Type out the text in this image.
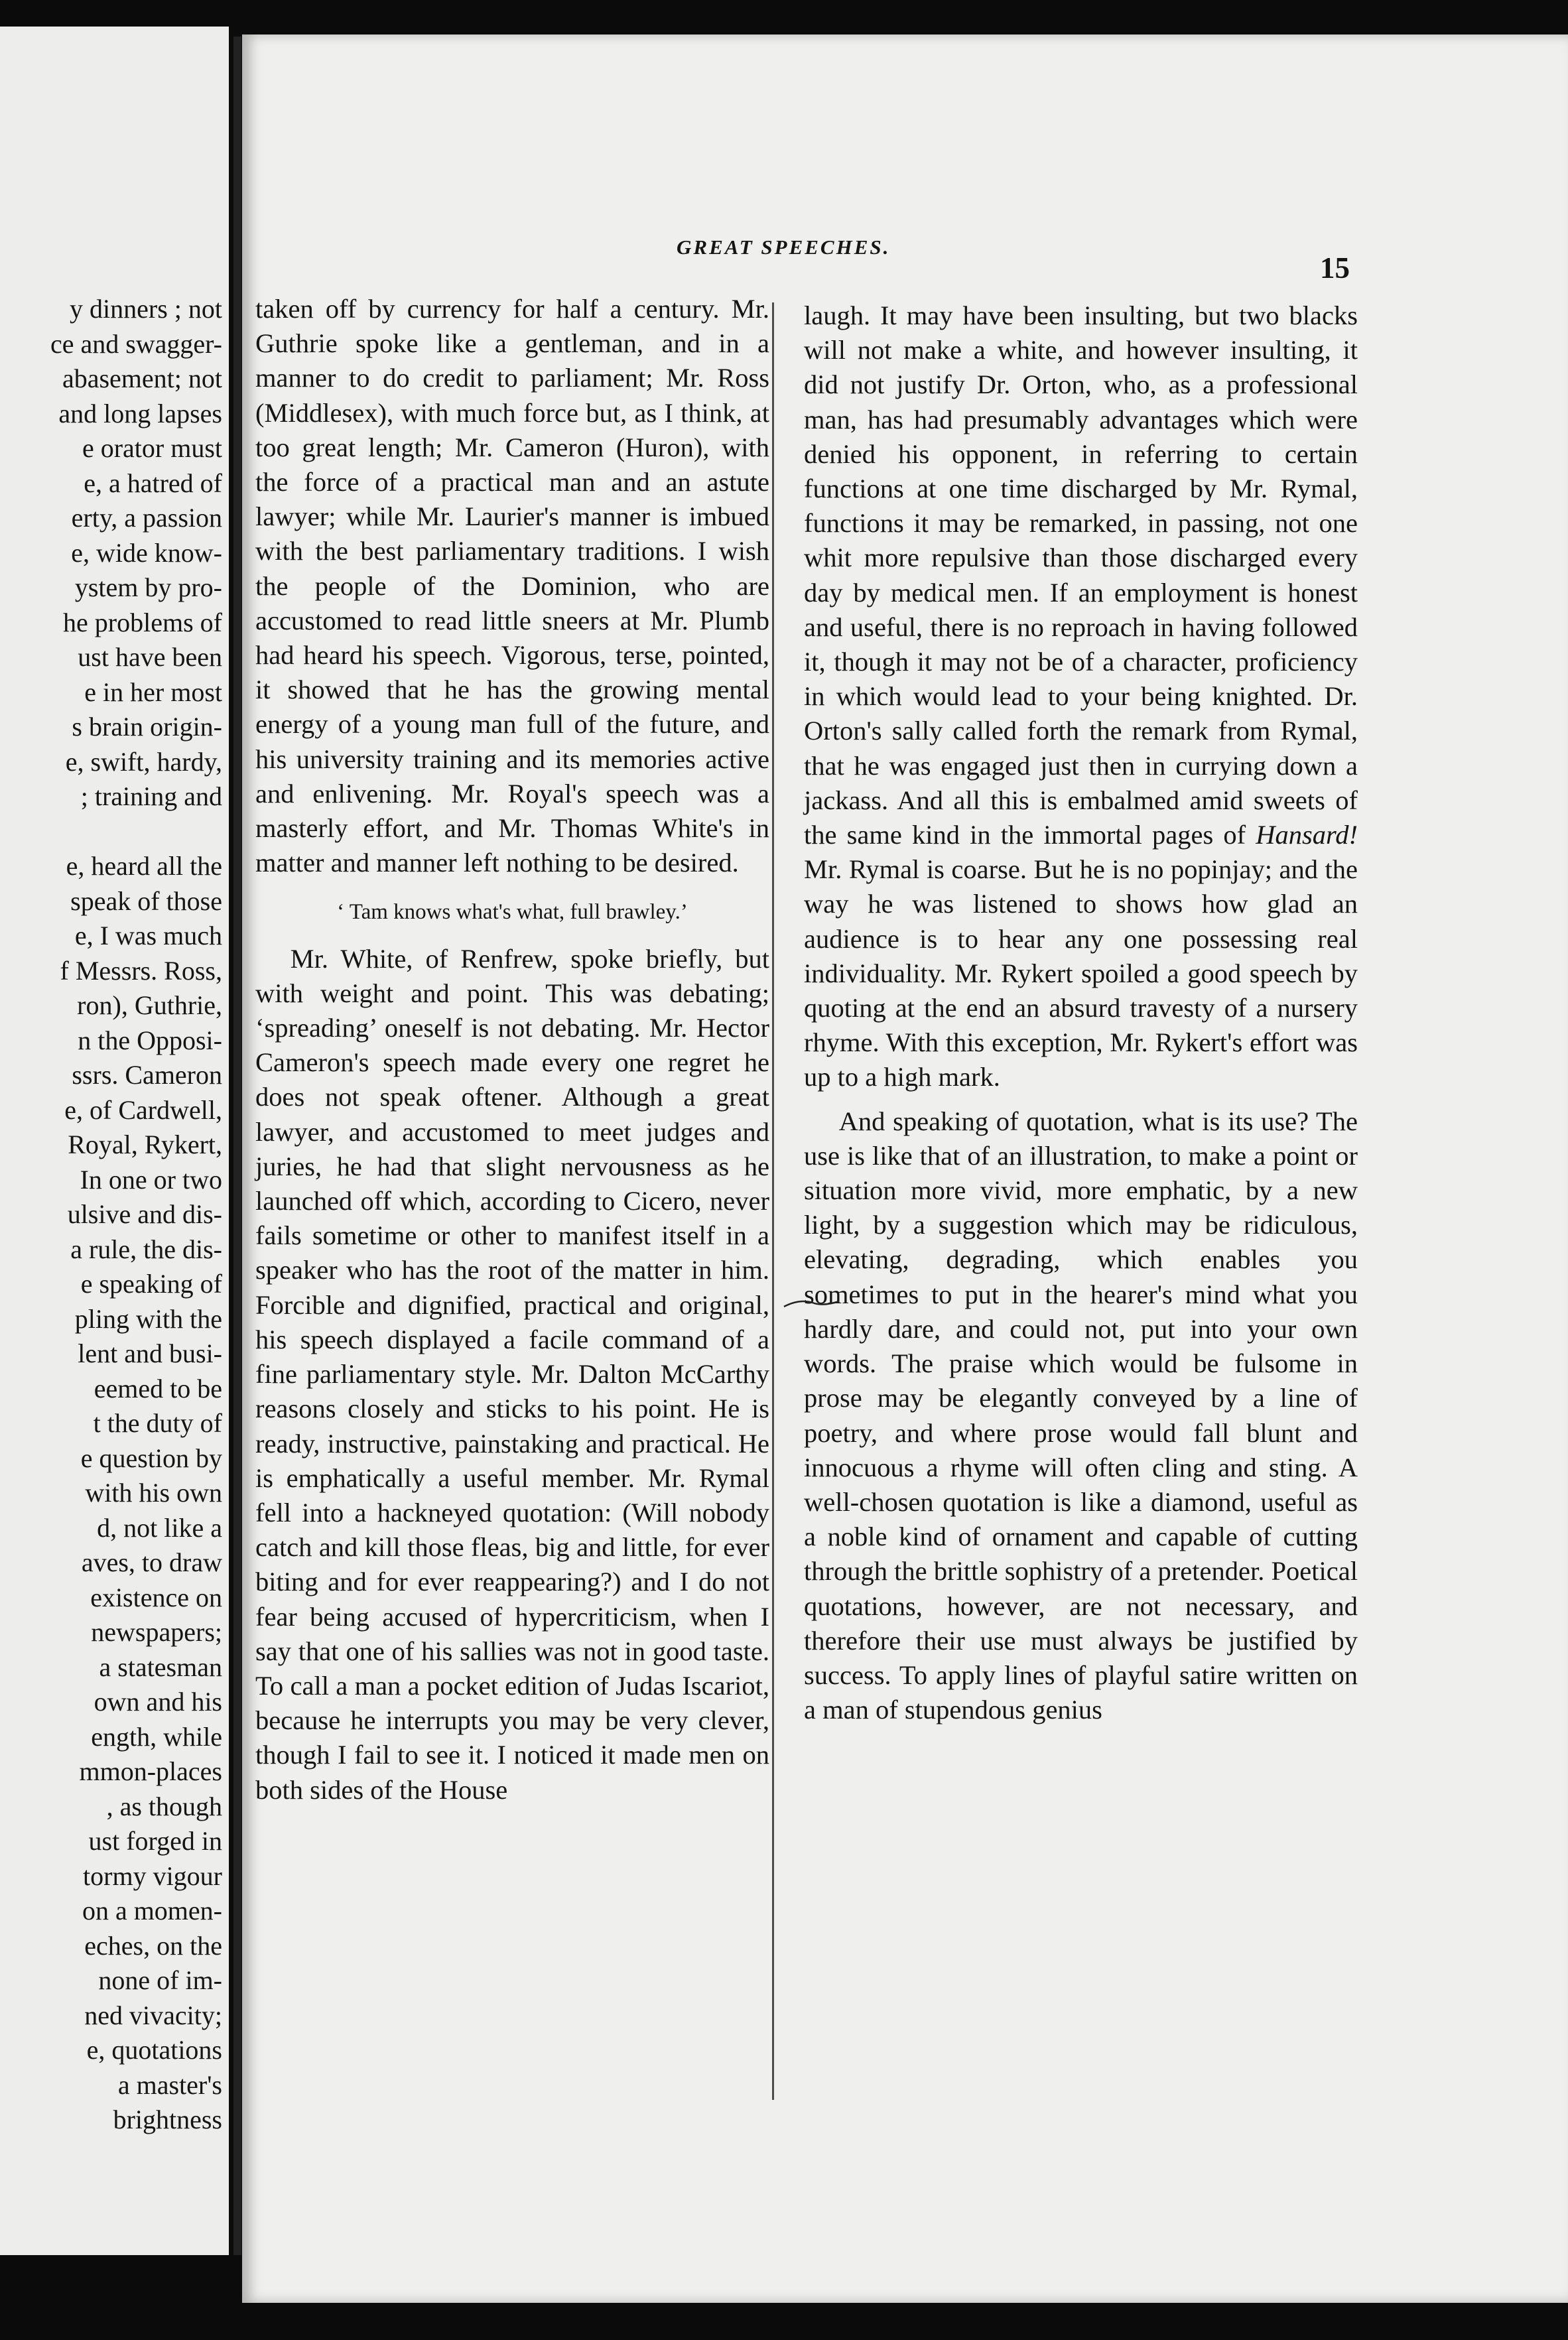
y dinners ; not
ce and swagger-
abasement; not
and long lapses
e orator must
e, a hatred of
erty, a passion
e, wide know-
ystem by pro-
he problems of
ust have been
e in her most
s brain origin-
e, swift, hardy,
; training and
e, heard all the
speak of those
e, I was much
f Messrs. Ross,
ron), Guthrie,
n the Opposi-
ssrs. Cameron
e, of Cardwell,
Royal, Rykert,
In one or two
ulsive and dis-
a rule, the dis-
e speaking of
pling with the
lent and busi-
eemed to be
t the duty of
e question by
with his own
d, not like a
aves, to draw
existence on
newspapers;
a statesman
own and his
ength, while
mmon-places
, as though
ust forged in
tormy vigour
on a momen-
eches, on the
none of im-
ned vivacity;
e, quotations
a master's
brightness
GREAT SPEECHES.
15

taken off by currency for half a century. Mr. Guthrie spoke like a gentleman, and in a manner to do credit to parliament; Mr. Ross (Middlesex), with much force but, as I think, at too great length; Mr. Cameron (Huron), with the force of a practical man and an astute lawyer; while Mr. Laurier's manner is imbued with the best parliamentary traditions. I wish the people of the Dominion, who are accustomed to read little sneers at Mr. Plumb had heard his speech. Vigorous, terse, pointed, it showed that he has the growing mental energy of a young man full of the future, and his university training and its memories active and enlivening. Mr. Royal's speech was a masterly effort, and Mr. Thomas White's in matter and manner left nothing to be desired.

‘ Tam knows what's what, full brawley.’

Mr. White, of Renfrew, spoke briefly, but with weight and point. This was debating; ‘spreading’ oneself is not debating. Mr. Hector Cameron's speech made every one regret he does not speak oftener. Although a great lawyer, and accustomed to meet judges and juries, he had that slight nervousness as he launched off which, according to Cicero, never fails sometime or other to manifest itself in a speaker who has the root of the matter in him. Forcible and dignified, practical and original, his speech displayed a facile command of a fine parliamentary style. Mr. Dalton McCarthy reasons closely and sticks to his point. He is ready, instructive, painstaking and practical. He is emphatically a useful member. Mr. Rymal fell into a hackneyed quotation: (Will nobody catch and kill those fleas, big and little, for ever biting and for ever reappearing?) and I do not fear being accused of hypercriticism, when I say that one of his sallies was not in good taste. To call a man a pocket edition of Judas Iscariot, because he interrupts you may be very clever, though I fail to see it. I noticed it made men on both sides of the House

laugh. It may have been insulting, but two blacks will not make a white, and however insulting, it did not justify Dr. Orton, who, as a professional man, has had presumably advantages which were denied his opponent, in referring to certain functions at one time discharged by Mr. Rymal, functions it may be remarked, in passing, not one whit more repulsive than those discharged every day by medical men. If an employment is honest and useful, there is no reproach in having followed it, though it may not be of a character, proficiency in which would lead to your being knighted. Dr. Orton's sally called forth the remark from Rymal, that he was engaged just then in currying down a jackass. And all this is embalmed amid sweets of the same kind in the immortal pages of Hansard! Mr. Rymal is coarse. But he is no popinjay; and the way he was listened to shows how glad an audience is to hear any one possessing real individuality. Mr. Rykert spoiled a good speech by quoting at the end an absurd travesty of a nursery rhyme. With this exception, Mr. Rykert's effort was up to a high mark.

And speaking of quotation, what is its use? The use is like that of an illustration, to make a point or situation more vivid, more emphatic, by a new light, by a suggestion which may be ridiculous, elevating, degrading, which enables you sometimes to put in the hearer's mind what you hardly dare, and could not, put into your own words. The praise which would be fulsome in prose may be elegantly conveyed by a line of poetry, and where prose would fall blunt and innocuous a rhyme will often cling and sting. A well-chosen quotation is like a diamond, useful as a noble kind of ornament and capable of cutting through the brittle sophistry of a pretender. Poetical quotations, however, are not necessary, and therefore their use must always be justified by success. To apply lines of playful satire written on a man of stupendous genius
